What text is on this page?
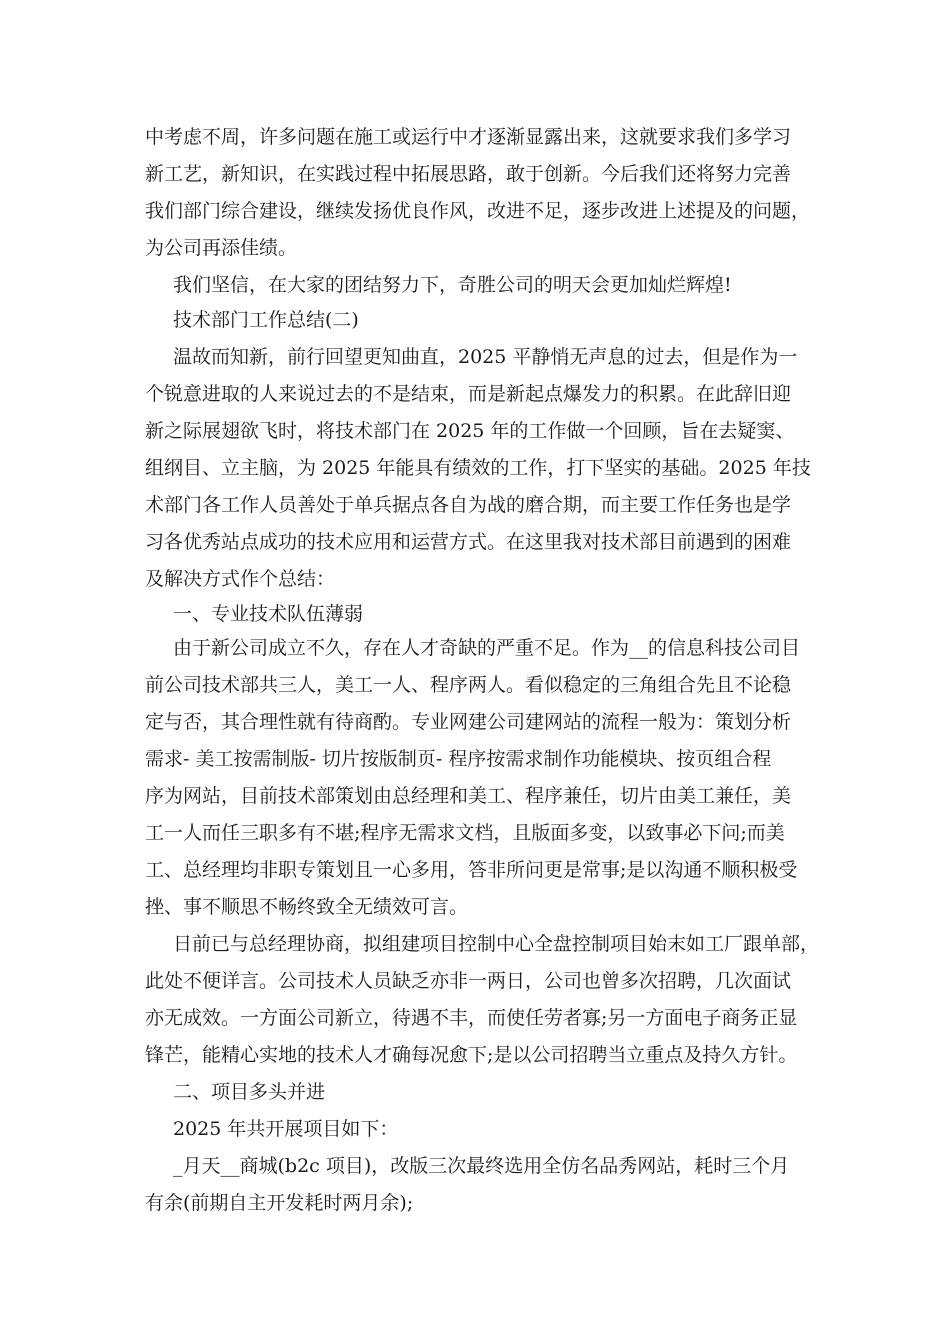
中考虑不周，许多问题在施工或运行中才逐渐显露出来，这就要求我们多学习
新工艺，新知识，在实践过程中拓展思路，敢于创新。今后我们还将努力完善
我们部门综合建设，继续发扬优良作风，改进不足，逐步改进上述提及的问题，
为公司再添佳绩。
我们坚信，在大家的团结努力下，奇胜公司的明天会更加灿烂辉煌!
技术部门工作总结(二)
温故而知新，前行回望更知曲直，2025 平静悄无声息的过去，但是作为一
个锐意进取的人来说过去的不是结束，而是新起点爆发力的积累。在此辞旧迎
新之际展翅欲飞时，将技术部门在 2025 年的工作做一个回顾，旨在去疑窦、
组纲目、立主脑，为 2025 年能具有绩效的工作，打下坚实的基础。2025 年技
术部门各工作人员善处于单兵据点各自为战的磨合期，而主要工作任务也是学
习各优秀站点成功的技术应用和运营方式。在这里我对技术部目前遇到的困难
及解决方式作个总结：
一、专业技术队伍薄弱
由于新公司成立不久，存在人才奇缺的严重不足。作为__的信息科技公司目
前公司技术部共三人，美工一人、程序两人。看似稳定的三角组合先且不论稳
定与否，其合理性就有待商酌。专业网建公司建网站的流程一般为：策划分析
需求- 美工按需制版- 切片按版制页- 程序按需求制作功能模块、按页组合程
序为网站，目前技术部策划由总经理和美工、程序兼任，切片由美工兼任，美
工一人而任三职多有不堪;程序无需求文档，且版面多变，以致事必下问;而美
工、总经理均非职专策划且一心多用，答非所问更是常事;是以沟通不顺积极受
挫、事不顺思不畅终致全无绩效可言。
日前已与总经理协商，拟组建项目控制中心全盘控制项目始末如工厂跟单部，
此处不便详言。公司技术人员缺乏亦非一两日，公司也曾多次招聘，几次面试
亦无成效。一方面公司新立，待遇不丰，而使任劳者寡;另一方面电子商务正显
锋芒，能精心实地的技术人才确每况愈下;是以公司招聘当立重点及持久方针。
二、项目多头并进
2025 年共开展项目如下：
_月天__商城(b2c 项目)，改版三次最终选用全仿名品秀网站，耗时三个月
有余(前期自主开发耗时两月余);
